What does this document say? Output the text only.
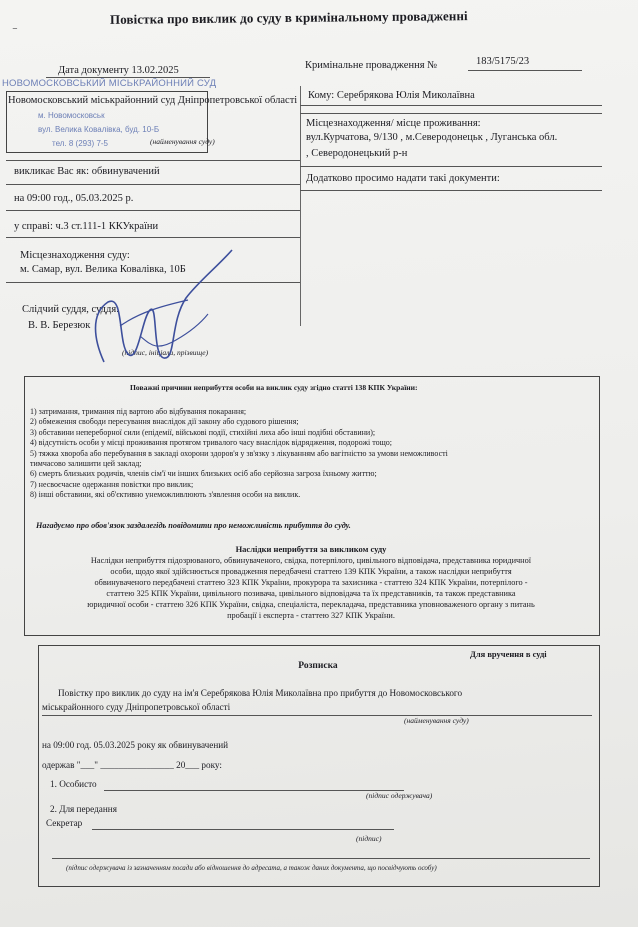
⁻
Повістка про виклик до суду в кримінальному провадженні
НОВОМОСКОВСЬКИЙ МІСЬКРАЙОННИЙ СУД
м. Новомосковськ
вул. Велика Ковалівка, буд. 10-Б
тел. 8 (293) 7-5
Дата документу 13.02.2025	Кримінальне провадження №	183/5175/23
Новомосковський міськрайонний суд Дніпропетровської області
(найменування суду)
викликає Вас як: обвинувачений
на 09:00 год., 05.03.2025 р.
у справі: ч.3 ст.111-1 ККУкраїни
Місцезнаходження суду:
м. Самар, вул. Велика Ковалівка, 10Б
Слідчий суддя, суддя:
В. В. Березюк
(підпис, ініціали, прізвище)
Кому: Серебрякова Юлія Миколаївна
Місцезнаходження/ місце проживання:
вул.Курчатова, 9/130 , м.Северодонецьк , Луганська обл.
, Северодонецький р-н
Додатково просимо надати такі документи:
Поважні причини неприбуття особи на виклик суду згідно статті 138 КПК України:
1) затримання, тримання під вартою або відбування покарання;
2) обмеження свободи пересування внаслідок дії закону або судового рішення;
3) обставини непереборної сили (епідемії, військові події, стихійні лиха або інші подібні обставини);
4) відсутність особи у місці проживання протягом тривалого часу внаслідок відрядження, подорожі тощо;
5) тяжка хвороба або перебування в закладі охорони здоров'я у зв'язку з лікуванням або вагітністю за умови неможливості
тимчасово залишити цей заклад;
6) смерть близьких родичів, членів сім'ї чи інших близьких осіб або серйозна загроза їхньому життю;
7) несвоєчасне одержання повістки про виклик;
8) інші обставини, які об'єктивно унеможливлюють з'явлення особи на виклик.
Нагадуємо про обов'язок заздалегідь повідомити про неможливість прибуття до суду.
Наслідки неприбуття за викликом суду
Наслідки неприбуття підозрюваного, обвинуваченого, свідка, потерпілого, цивільного відповідача, представника юридичної
особи, щодо якої здійснюється провадження передбачені статтею 139 КПК України, а також наслідки неприбуття
обвинуваченого передбачені статтею 323 КПК України, прокурора та захисника - статтею 324 КПК України, потерпілого -
статтею 325 КПК України, цивільного позивача, цивільного відповідача та їх представників, та також представника
юридичної особи - статтею 326 КПК України, свідка, спеціаліста, перекладача, представника уповноваженого органу з питань
пробації і експерта - статтею 327 КПК України.
Для вручення в суді
Розписка
Повістку про виклик до суду на ім'я Серебрякова Юлія Миколаївна про прибуття до Новомосковського
міськрайонного суду Дніпропетровської області
(найменування суду)
на 09:00 год. 05.03.2025 року як обвинувачений
одержав "___" ________________ 20___ року:
1. Особисто
(підпис одержувача)
2. Для передання
Секретар
(підпис)
(підпис одержувача із зазначенням посади або відношення до адресата, а також даних документа, що посвідчують особу)
